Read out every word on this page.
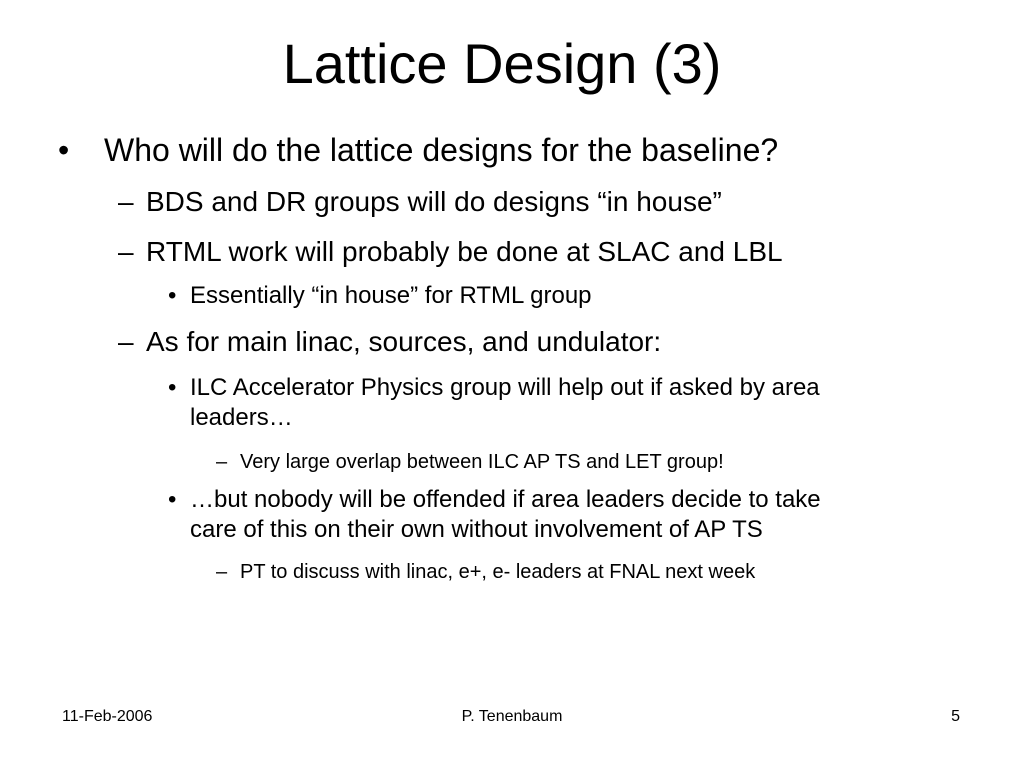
Lattice Design (3)
• Who will do the lattice designs for the baseline?
– BDS and DR groups will do designs “in house”
– RTML work will probably be done at SLAC and LBL
• Essentially “in house” for RTML group
– As for main linac, sources, and undulator:
• ILC Accelerator Physics group will help out if asked by area
leaders…
– Very large overlap between ILC AP TS and LET group!
• …but nobody will be offended if area leaders decide to take
care of this on their own without involvement of AP TS
– PT to discuss with linac, e+, e- leaders at FNAL next week
11-Feb-2006	P. Tenenbaum	5
